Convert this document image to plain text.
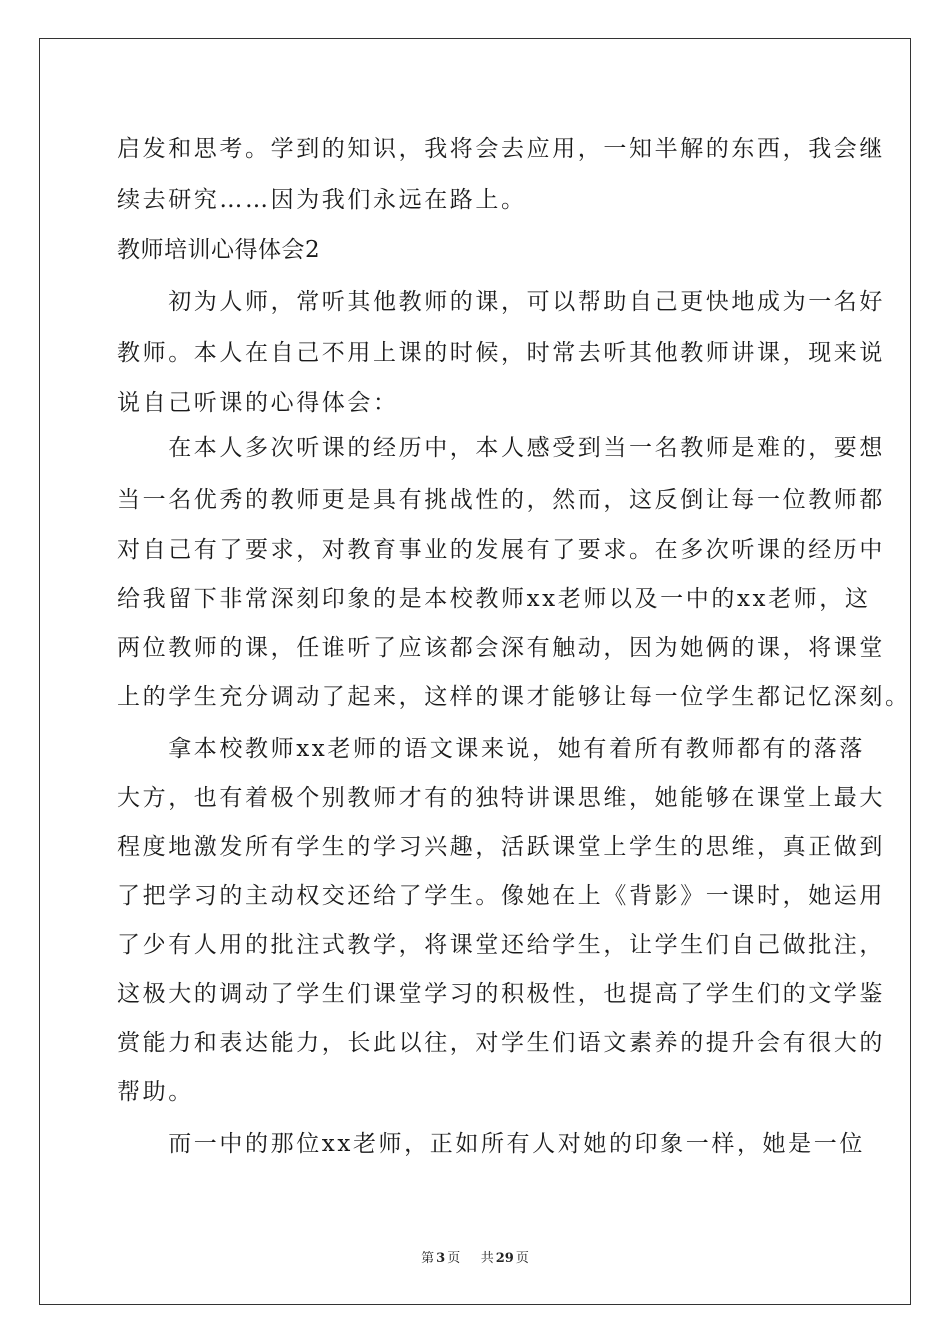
启发和思考。学到的知识，我将会去应用，一知半解的东西，我会继
续去研究……因为我们永远在路上。
教师培训心得体会2
　　初为人师，常听其他教师的课，可以帮助自己更快地成为一名好
教师。本人在自己不用上课的时候，时常去听其他教师讲课，现来说
说自己听课的心得体会：
　　在本人多次听课的经历中，本人感受到当一名教师是难的，要想
当一名优秀的教师更是具有挑战性的，然而，这反倒让每一位教师都
对自己有了要求，对教育事业的发展有了要求。在多次听课的经历中
给我留下非常深刻印象的是本校教师xx老师以及一中的xx老师，这
两位教师的课，任谁听了应该都会深有触动，因为她俩的课，将课堂
上的学生充分调动了起来，这样的课才能够让每一位学生都记忆深刻。
　　拿本校教师xx老师的语文课来说，她有着所有教师都有的落落
大方，也有着极个别教师才有的独特讲课思维，她能够在课堂上最大
程度地激发所有学生的学习兴趣，活跃课堂上学生的思维，真正做到
了把学习的主动权交还给了学生。像她在上《背影》一课时，她运用
了少有人用的批注式教学，将课堂还给学生，让学生们自己做批注，
这极大的调动了学生们课堂学习的积极性，也提高了学生们的文学鉴
赏能力和表达能力，长此以往，对学生们语文素养的提升会有很大的
帮助。
　　而一中的那位xx老师，正如所有人对她的印象一样，她是一位
第 3 页 共 29 页
